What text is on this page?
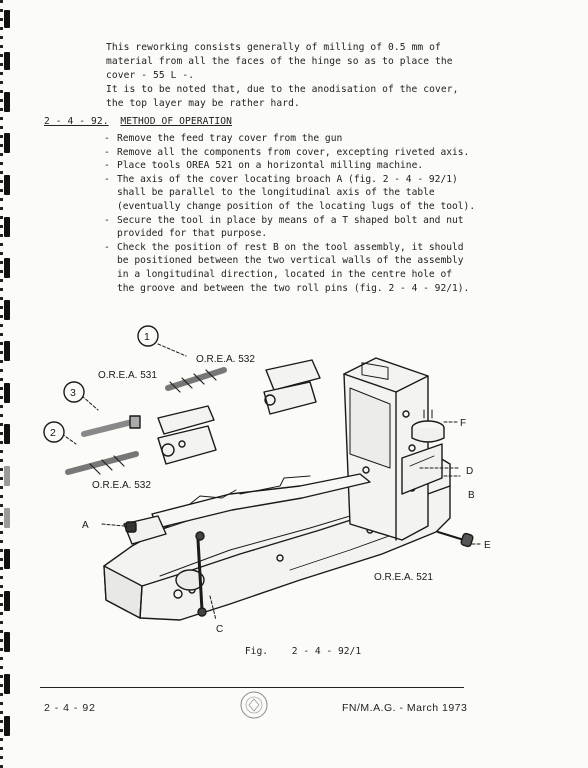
This reworking consists generally of milling of 0.5 mm of
material from all the faces of the hinge so as to place the
cover - 55 L -.
It is to be noted that, due to the anodisation of the cover,
the top layer may be rather hard.
2 - 4 - 92. METHOD OF OPERATION
- Remove the feed tray cover from the gun
- Remove all the components from cover, excepting riveted axis.
- Place tools OREA 521 on a horizontal milling machine.
- The axis of the cover locating broach A (fig. 2 - 4 - 92/1)
shall be parallel to the longitudinal axis of the table
(eventually change position of the locating lugs of the tool).
- Secure the tool in place by means of a T shaped bolt and nut
provided for that purpose.
- Check the position of rest B on the tool assembly, it should
be positioned between the two vertical walls of the assembly
in a longitudinal direction, located in the centre hole of
the groove and between the two roll pins (fig. 2 - 4 - 92/1).
1
3
2
O.R.E.A. 532
O.R.E.A. 531
O.R.E.A. 532
O.R.E.A. 521
A
C
D
B
E
F
Fig. 2 - 4 - 92/1
2 - 4 - 92	FN/M.A.G. - March 1973
